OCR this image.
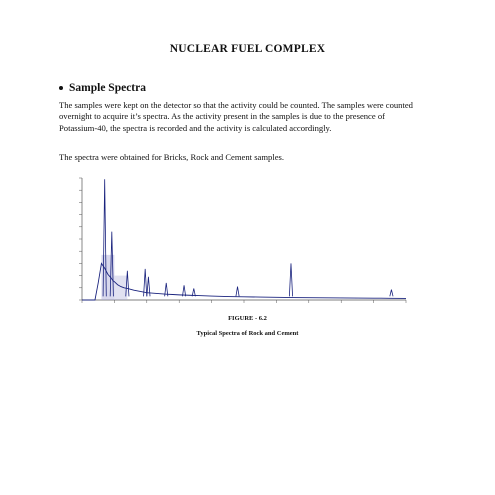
NUCLEAR FUEL COMPLEX
Sample Spectra

The samples were kept on the detector so that the activity could be counted. The samples were counted overnight to acquire it’s spectra. As the activity present in the samples is due to the presence of Potassium-40, the spectra is recorded and the activity is calculated accordingly.

The spectra were obtained for Bricks, Rock and Cement samples.

FIGURE - 6.2
Typical Spectra of Rock and Cement
